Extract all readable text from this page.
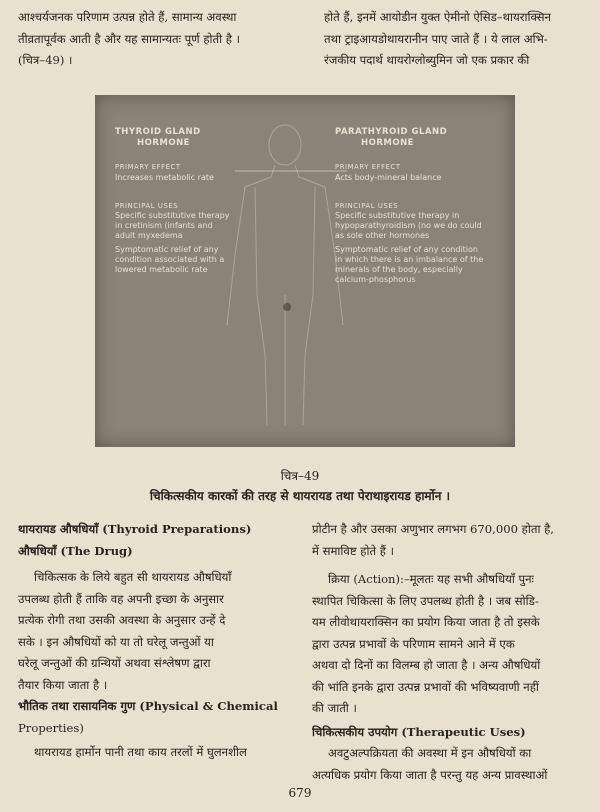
आश्चर्यजनक परिणाम उत्पन्न होते हैं, सामान्य अवस्था
तीव्रतापूर्वक आती है और यह सामान्यतः पूर्ण होती है ।
(चित्र–49) ।
होते हैं, इनमें आयोडीन युक्त ऐमीनो ऐसिड–थायराक्सिन
तथा ट्राइआयडोथायरानीन पाए जाते हैं । ये लाल अभि-
रंजकीय पदार्थ थायरोग्लोब्युमिन जो एक प्रकार की
THYROID GLAND
HORMONE
PRIMARY EFFECT
Increases metabolic rate
PRINCIPAL USES
Specific substitutive therapy in cretinism (infants and adult myxedema
Symptomatic relief of any condition associated with a lowered metabolic rate
PARATHYROID GLAND
HORMONE
PRIMARY EFFECT
Acts body-mineral balance
PRINCIPAL USES
Specific substitutive therapy in hypoparathyroidism (no we do could as sole other hormones
Symptomatic relief of any condition in which there is an imbalance of the minerals of the body, especially calcium-phosphorus
चित्र–49
चिकित्सकीय कारकों की तरह से थायरायड तथा पेराथाइरायड हार्मोन ।
थायरायड औषधियाँ (Thyroid Preparations)
औषधियाँ (The Drug)
चिकित्सक के लिये बहुत सी थायरायड औषधियाँ
उपलब्ध होती हैं ताकि वह अपनी इच्छा के अनुसार
प्रत्येक रोगी तथा उसकी अवस्था के अनुसार उन्हें दे
सके । इन औषधियों को या तो घरेलू जन्तुओं या
घरेलू जन्तुओं की ग्रन्थियों अथवा संश्लेषण द्वारा
तैयार किया जाता है ।
भौतिक तथा रासायनिक गुण (Physical & Chemical
Properties)
थायरायड हार्मोन पानी तथा काय तरलों में घुलनशील
प्रोटीन है और उसका अणुभार लगभग 670,000 होता है,
में समाविष्ट होते हैं ।
क्रिया (Action):–मूलतः यह सभी औषधियाँ पुनः
स्थापित चिकित्सा के लिए उपलब्ध होती है । जब सोडि-
यम लीवोथायराक्सिन का प्रयोग किया जाता है तो इसके
द्वारा उत्पन्न प्रभावों के परिणाम सामने आने में एक
अथवा दो दिनों का विलम्ब हो जाता है । अन्य औषधियों
की भांति इनके द्वारा उत्पन्न प्रभावों की भविष्यवाणी नहीं
की जाती ।
चिकित्सकीय उपयोग (Therapeutic Uses)
अवटुअल्पक्रियता की अवस्था में इन औषधियों का
अत्यधिक प्रयोग किया जाता है परन्तु यह अन्य प्रावस्थाओं
679
